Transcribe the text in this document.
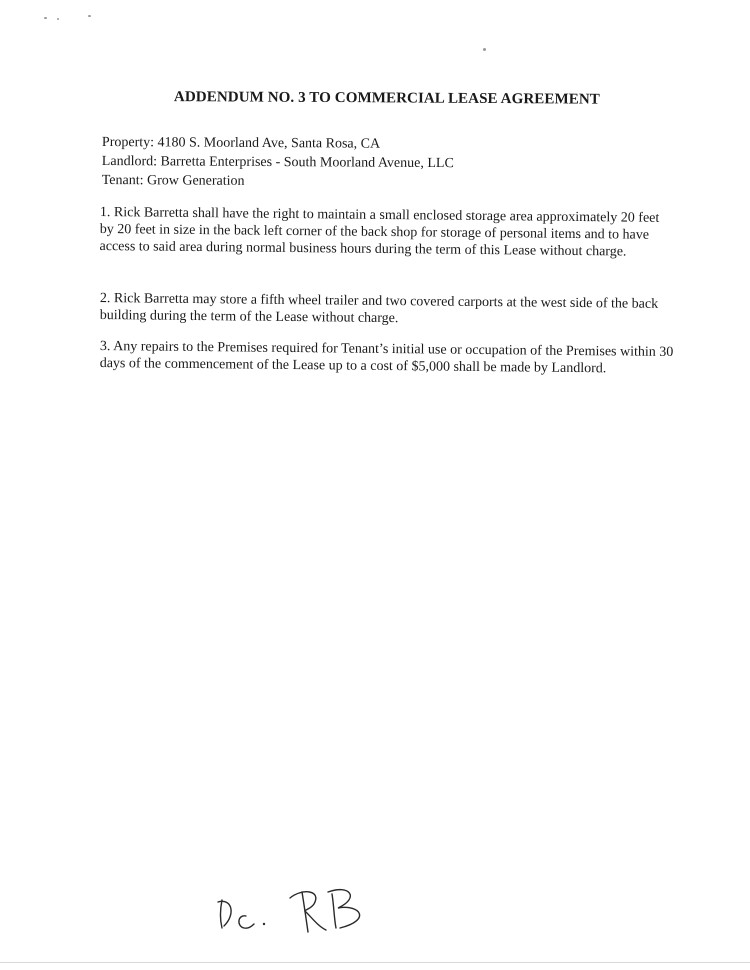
ADDENDUM NO. 3 TO COMMERCIAL LEASE AGREEMENT
Property: 4180 S. Moorland Ave, Santa Rosa, CA
Landlord: Barretta Enterprises - South Moorland Avenue, LLC
Tenant: Grow Generation
1. Rick Barretta shall have the right to maintain a small enclosed storage area approximately 20 feet by 20 feet in size in the back left corner of the back shop for storage of personal items and to have access to said area during normal business hours during the term of this Lease without charge.
2. Rick Barretta may store a fifth wheel trailer and two covered carports at the west side of the back building during the term of the Lease without charge.
3. Any repairs to the Premises required for Tenant’s initial use or occupation of the Premises within 30 days of the commencement of the Lease up to a cost of $5,000 shall be made by Landlord.
